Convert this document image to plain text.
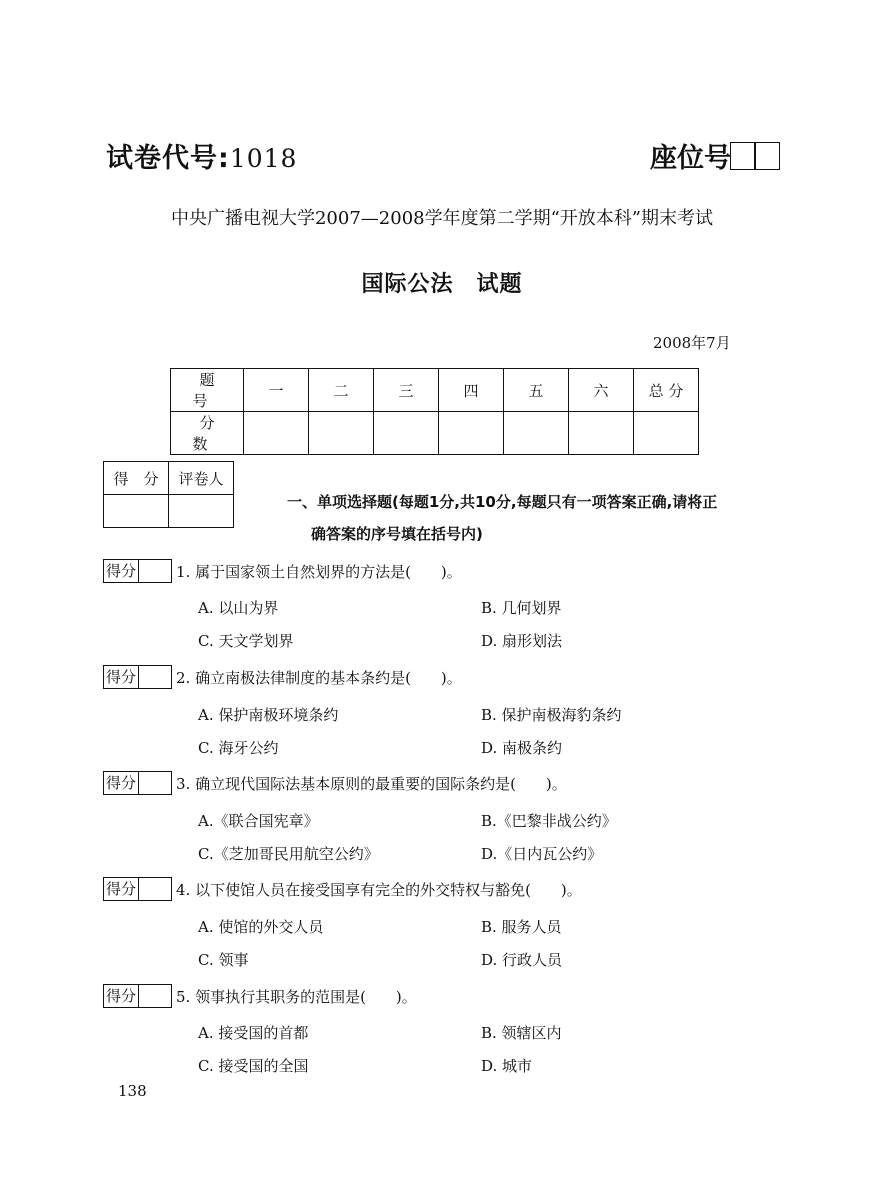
试卷代号:1018	座位号
中央广播电视大学2007—2008学年度第二学期“开放本科”期末考试
国际公法　试题
2008年7月
题　号	一	二	三	四	五	六	总 分
分　数							
得　分	评卷人

一、单项选择题(每题1分,共10分,每题只有一项答案正确,请将正
确答案的序号填在括号内)
得分	1. 属于国家领土自然划界的方法是(　　)。
A. 以山为界	B. 几何划界
C. 天文学划界	D. 扇形划法
得分	2. 确立南极法律制度的基本条约是(　　)。
A. 保护南极环境条约	B. 保护南极海豹条约
C. 海牙公约	D. 南极条约
得分	3. 确立现代国际法基本原则的最重要的国际条约是(　　)。
A.《联合国宪章》	B.《巴黎非战公约》
C.《芝加哥民用航空公约》	D.《日内瓦公约》
得分	4. 以下使馆人员在接受国享有完全的外交特权与豁免(　　)。
A. 使馆的外交人员	B. 服务人员
C. 领事	D. 行政人员
得分	5. 领事执行其职务的范围是(　　)。
A. 接受国的首都	B. 领辖区内
C. 接受国的全国	D. 城市
138
